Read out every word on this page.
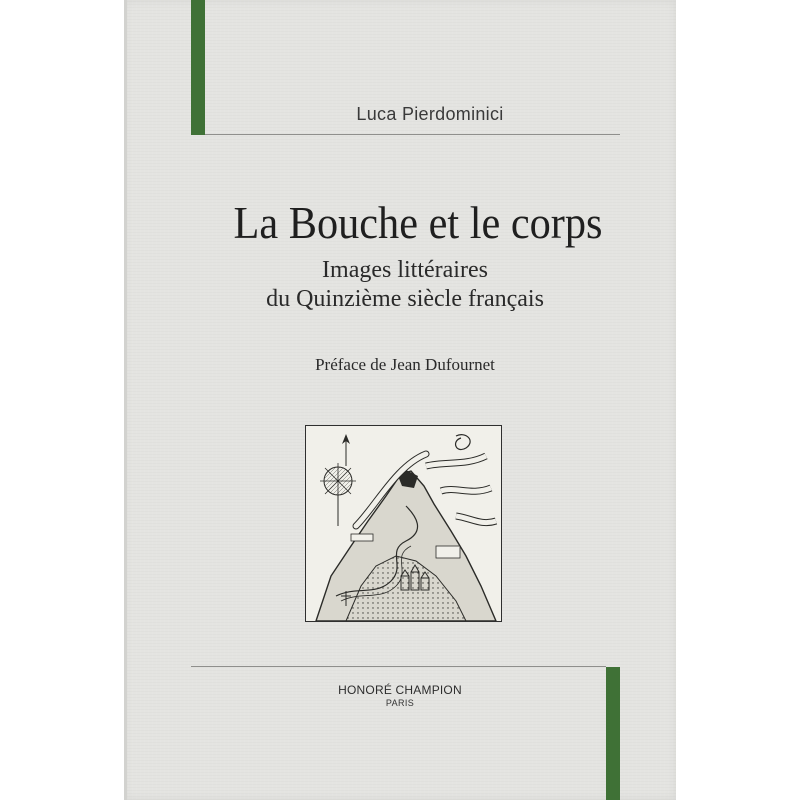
Luca Pierdominici
La Bouche et le corps
Images littéraires
du Quinzième siècle français
Préface de Jean Dufournet
HONORÉ CHAMPION
PARIS
